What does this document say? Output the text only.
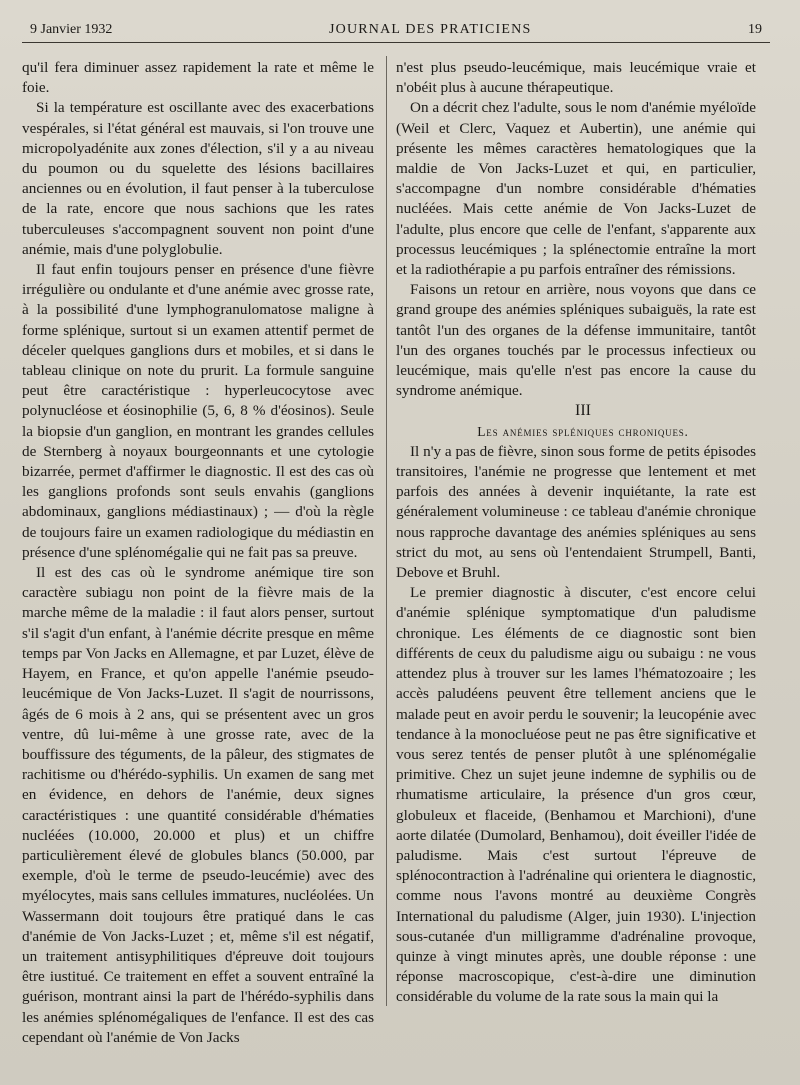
9 Janvier 1932	JOURNAL DES PRATICIENS	19

qu'il fera diminuer assez rapidement la rate et même le foie.

Si la température est oscillante avec des exacerbations vespérales, si l'état général est mauvais, si l'on trouve une micropolyadénite aux zones d'élection, s'il y a au niveau du poumon ou du squelette des lésions bacillaires anciennes ou en évolution, il faut penser à la tuberculose de la rate, encore que nous sachions que les rates tuberculeuses s'accompagnent souvent non point d'une anémie, mais d'une polyglobulie.

Il faut enfin toujours penser en présence d'une fièvre irrégulière ou ondulante et d'une anémie avec grosse rate, à la possibilité d'une lymphogranulomatose maligne à forme splénique, surtout si un examen attentif permet de déceler quelques ganglions durs et mobiles, et si dans le tableau clinique on note du prurit. La formule sanguine peut être caractéristique : hyperleucocytose avec polynucléose et éosinophilie (5, 6, 8 % d'éosinos). Seule la biopsie d'un ganglion, en montrant les grandes cellules de Sternberg à noyaux bourgeonnants et une cytologie bizarrée, permet d'affirmer le diagnostic. Il est des cas où les ganglions profonds sont seuls envahis (ganglions abdominaux, ganglions médiastinaux) ; — d'où la règle de toujours faire un examen radiologique du médiastin en présence d'une splénomégalie qui ne fait pas sa preuve.

Il est des cas où le syndrome anémique tire son caractère subiagu non point de la fièvre mais de la marche même de la maladie : il faut alors penser, surtout s'il s'agit d'un enfant, à l'anémie décrite presque en même temps par Von Jacks en Allemagne, et par Luzet, élève de Hayem, en France, et qu'on appelle l'anémie pseudo-leucémique de Von Jacks-Luzet. Il s'agit de nourrissons, âgés de 6 mois à 2 ans, qui se présentent avec un gros ventre, dû lui-même à une grosse rate, avec de la bouffissure des téguments, de la pâleur, des stigmates de rachitisme ou d'hérédo-syphilis. Un examen de sang met en évidence, en dehors de l'anémie, deux signes caractéristiques : une quantité considérable d'hématies nucléées (10.000, 20.000 et plus) et un chiffre particulièrement élevé de globules blancs (50.000, par exemple, d'où le terme de pseudo-leucémie) avec des myélocytes, mais sans cellules immatures, nucléolées. Un Wassermann doit toujours être pratiqué dans le cas d'anémie de Von Jacks-Luzet ; et, même s'il est négatif, un traitement antisyphilitiques d'épreuve doit toujours être iustitué. Ce traitement en effet a souvent entraîné la guérison, montrant ainsi la part de l'hérédo-syphilis dans les anémies splénomégaliques de l'enfance. Il est des cas cependant où l'anémie de Von Jacks

n'est plus pseudo-leucémique, mais leucémique vraie et n'obéit plus à aucune thérapeutique.

On a décrit chez l'adulte, sous le nom d'anémie myéloïde (Weil et Clerc, Vaquez et Aubertin), une anémie qui présente les mêmes caractères hematologiques que la maldie de Von Jacks-Luzet et qui, en particulier, s'accompagne d'un nombre considérable d'hématies nucléées. Mais cette anémie de Von Jacks-Luzet de l'adulte, plus encore que celle de l'enfant, s'apparente aux processus leucémiques ; la splénectomie entraîne la mort et la radiothérapie a pu parfois entraîner des rémissions.

Faisons un retour en arrière, nous voyons que dans ce grand groupe des anémies spléniques subaiguës, la rate est tantôt l'un des organes de la défense immunitaire, tantôt l'un des organes touchés par le processus infectieux ou leucémique, mais qu'elle n'est pas encore la cause du syndrome anémique.

III

Les anémies spléniques chroniques.

Il n'y a pas de fièvre, sinon sous forme de petits épisodes transitoires, l'anémie ne progresse que lentement et met parfois des années à devenir inquiétante, la rate est généralement volumineuse : ce tableau d'anémie chronique nous rapproche davantage des anémies spléniques au sens strict du mot, au sens où l'entendaient Strumpell, Banti, Debove et Bruhl.

Le premier diagnostic à discuter, c'est encore celui d'anémie splénique symptomatique d'un paludisme chronique. Les éléments de ce diagnostic sont bien différents de ceux du paludisme aigu ou subaigu : ne vous attendez plus à trouver sur les lames l'hématozoaire ; les accès paludéens peuvent être tellement anciens que le malade peut en avoir perdu le souvenir; la leucopénie avec tendance à la monocluéose peut ne pas être significative et vous serez tentés de penser plutôt à une splénomégalie primitive. Chez un sujet jeune indemne de syphilis ou de rhumatisme articulaire, la présence d'un gros cœur, globuleux et flaceide, (Benhamou et Marchioni), d'une aorte dilatée (Dumolard, Benhamou), doit éveiller l'idée de paludisme. Mais c'est surtout l'épreuve de splénocontraction à l'adrénaline qui orientera le diagnostic, comme nous l'avons montré au deuxième Congrès International du paludisme (Alger, juin 1930). L'injection sous-cutanée d'un milligramme d'adrénaline provoque, quinze à vingt minutes après, une double réponse : une réponse macroscopique, c'est-à-dire une diminution considérable du volume de la rate sous la main qui la
